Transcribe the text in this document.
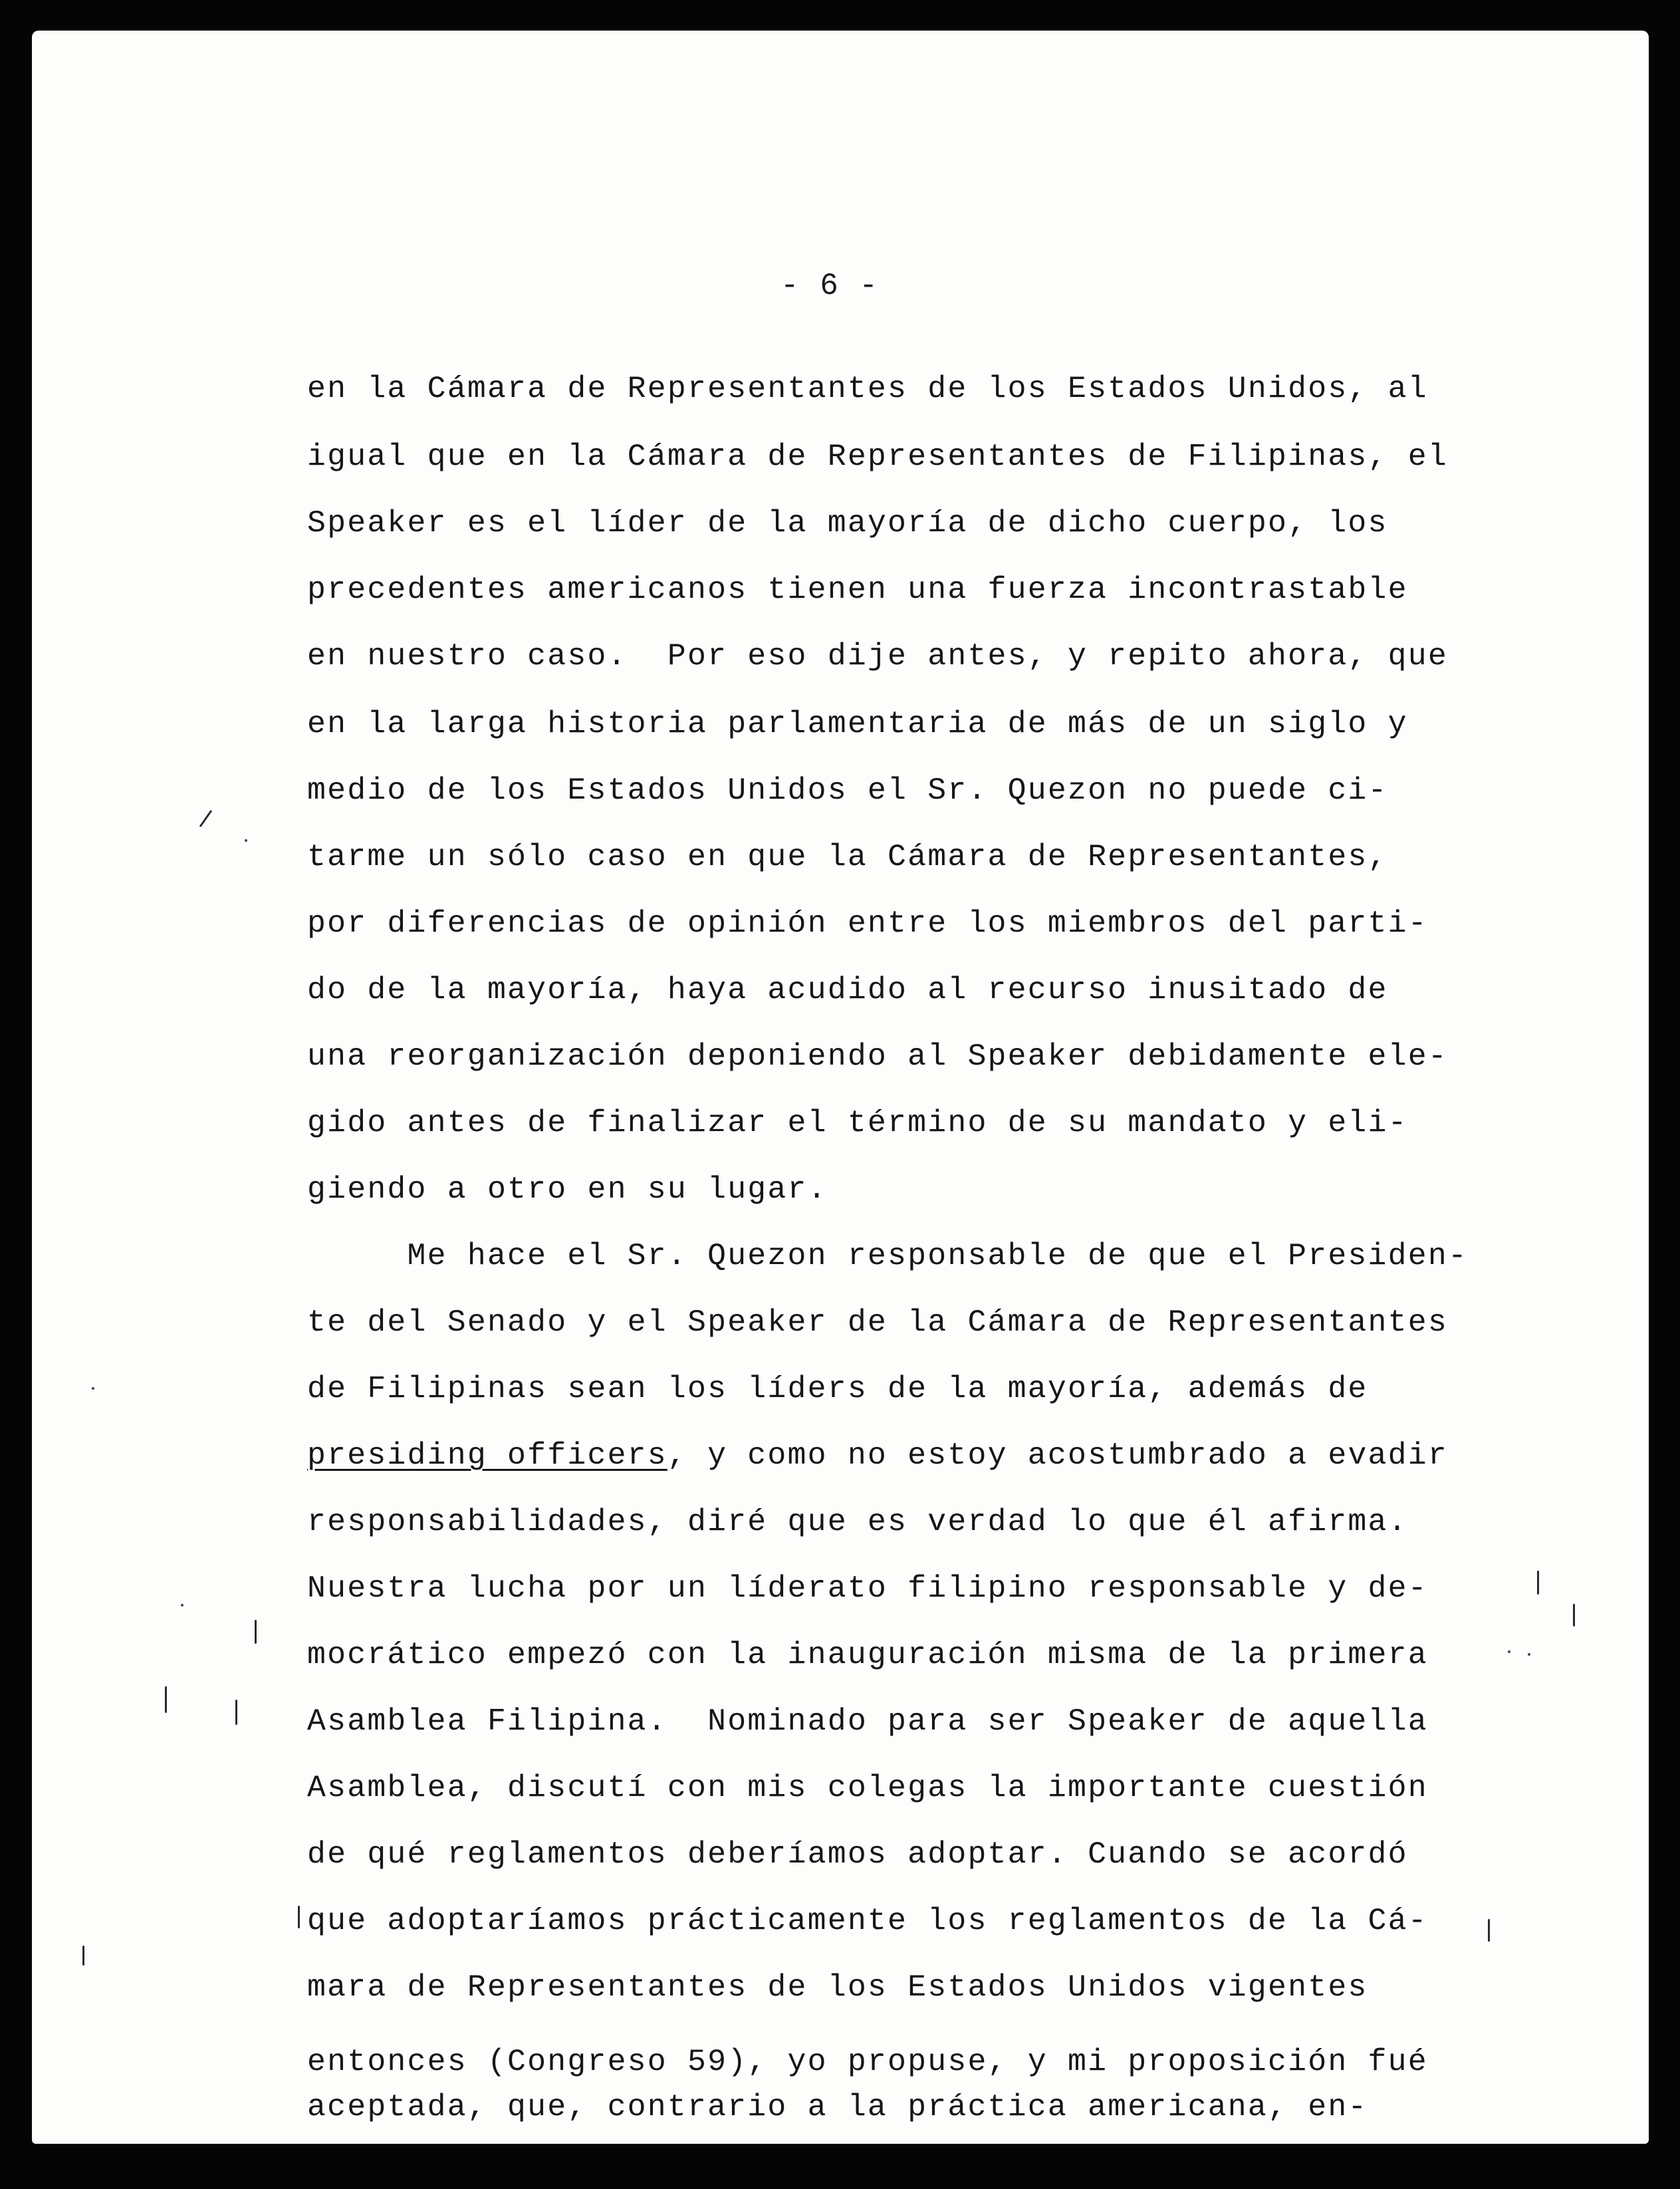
- 6 -
en la Cámara de Representantes de los Estados Unidos, al
igual que en la Cámara de Representantes de Filipinas, el
Speaker es el líder de la mayoría de dicho cuerpo, los
precedentes americanos tienen una fuerza incontrastable
en nuestro caso.  Por eso dije antes, y repito ahora, que
en la larga historia parlamentaria de más de un siglo y
medio de los Estados Unidos el Sr. Quezon no puede ci-
tarme un sólo caso en que la Cámara de Representantes,
por diferencias de opinión entre los miembros del parti-
do de la mayoría, haya acudido al recurso inusitado de
una reorganización deponiendo al Speaker debidamente ele-
gido antes de finalizar el término de su mandato y eli-
giendo a otro en su lugar.
Me hace el Sr. Quezon responsable de que el Presiden-
te del Senado y el Speaker de la Cámara de Representantes
de Filipinas sean los líders de la mayoría, además de
presiding officers, y como no estoy acostumbrado a evadir
responsabilidades, diré que es verdad lo que él afirma.
Nuestra lucha por un líderato filipino responsable y de-
mocrático empezó con la inauguración misma de la primera
Asamblea Filipina.  Nominado para ser Speaker de aquella
Asamblea, discutí con mis colegas la importante cuestión
de qué reglamentos deberíamos adoptar. Cuando se acordó
que adoptaríamos prácticamente los reglamentos de la Cá-
mara de Representantes de los Estados Unidos vigentes
entonces (Congreso 59), yo propuse, y mi proposición fué
aceptada, que, contrario a la práctica americana, en-
